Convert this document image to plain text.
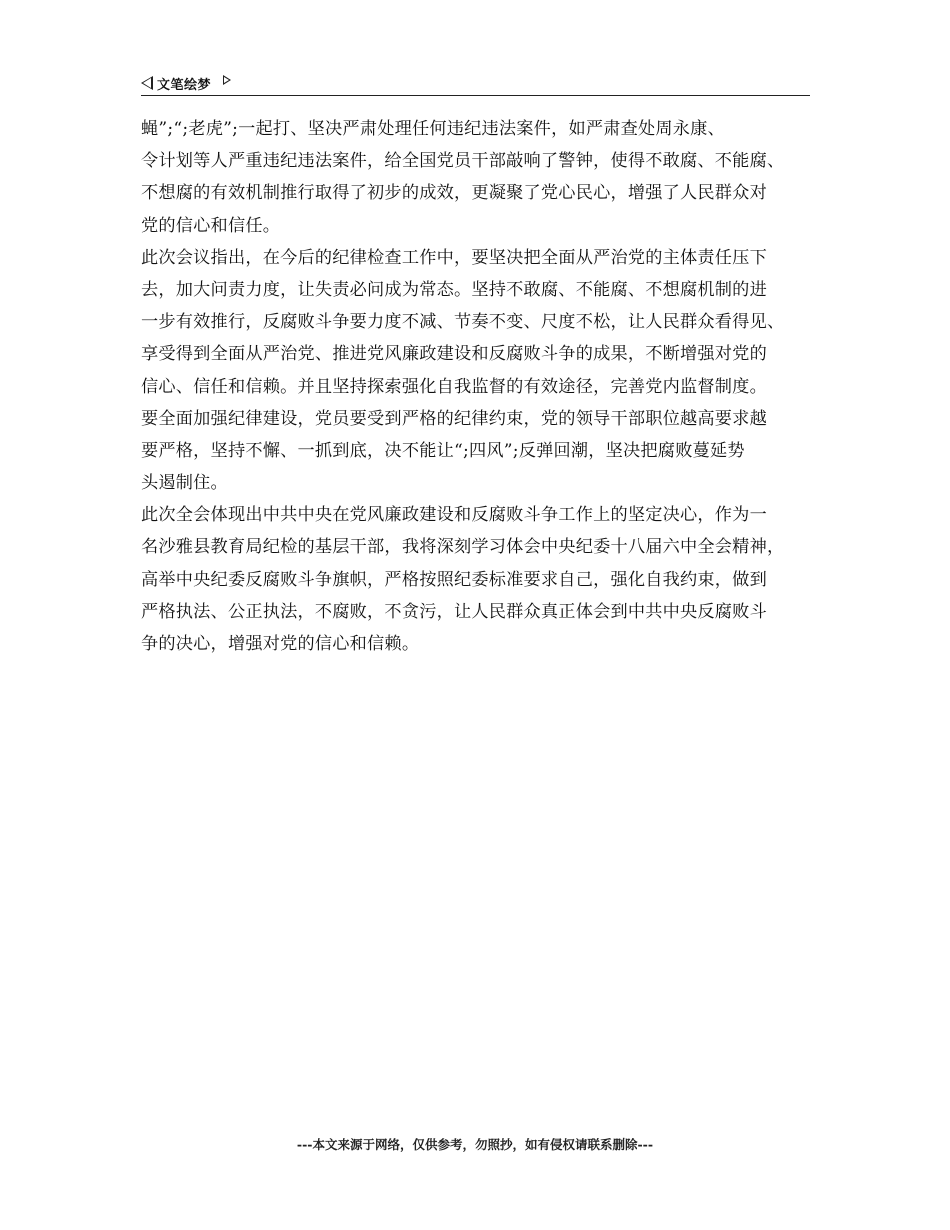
文笔绘梦
蝇”;“;老虎”;一起打、坚决严肃处理任何违纪违法案件，如严肃查处周永康、
令计划等人严重违纪违法案件，给全国党员干部敲响了警钟，使得不敢腐、不能腐、
不想腐的有效机制推行取得了初步的成效，更凝聚了党心民心，增强了人民群众对
党的信心和信任。
此次会议指出，在今后的纪律检查工作中，要坚决把全面从严治党的主体责任压下
去，加大问责力度，让失责必问成为常态。坚持不敢腐、不能腐、不想腐机制的进
一步有效推行，反腐败斗争要力度不减、节奏不变、尺度不松，让人民群众看得见、
享受得到全面从严治党、推进党风廉政建设和反腐败斗争的成果，不断增强对党的
信心、信任和信赖。并且坚持探索强化自我监督的有效途径，完善党内监督制度。
要全面加强纪律建设，党员要受到严格的纪律约束，党的领导干部职位越高要求越
要严格，坚持不懈、一抓到底，决不能让“;四风”;反弹回潮，坚决把腐败蔓延势
头遏制住。
此次全会体现出中共中央在党风廉政建设和反腐败斗争工作上的坚定决心，作为一
名沙雅县教育局纪检的基层干部，我将深刻学习体会中央纪委十八届六中全会精神，
高举中央纪委反腐败斗争旗帜，严格按照纪委标准要求自己，强化自我约束，做到
严格执法、公正执法，不腐败，不贪污，让人民群众真正体会到中共中央反腐败斗
争的决心，增强对党的信心和信赖。
---本文来源于网络，仅供参考，勿照抄，如有侵权请联系删除---
